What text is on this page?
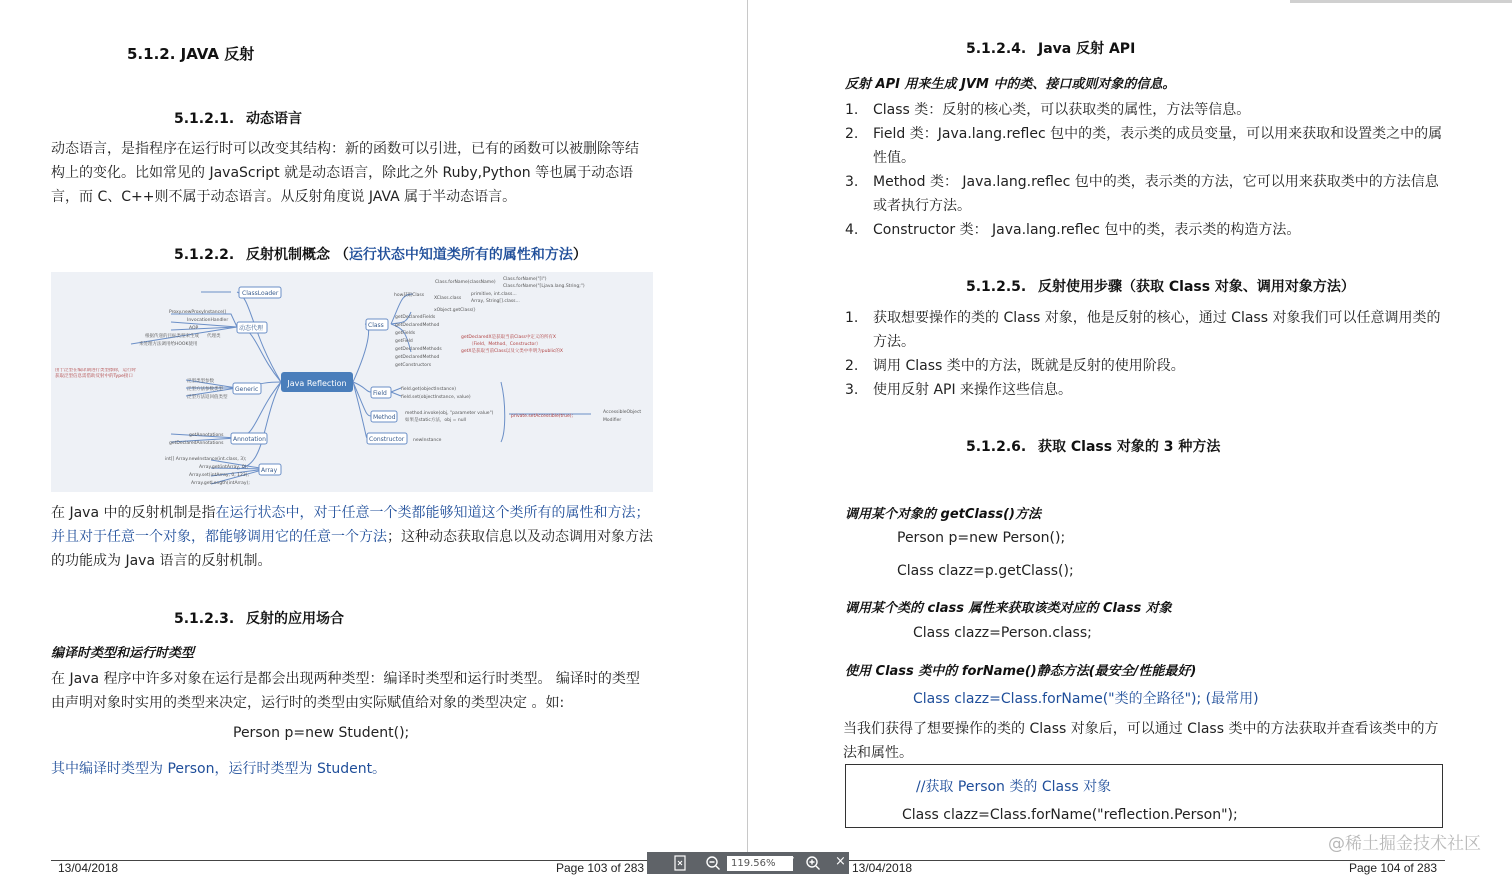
5.1.2. JAVA 反射
5.1.2.1. 动态语言
动态语言，是指程序在运行时可以改变其结构：新的函数可以引进，已有的函数可以被删除等结构上的变化。比如常见的 JavaScript 就是动态语言，除此之外 Ruby,Python 等也属于动态语言，而 C、C++则不属于动态语言。从反射角度说 JAVA 属于半动态语言。
5.1.2.2. 反射机制概念 （运行状态中知道类所有的属性和方法）
Java Reflection
ClassLoader
动态代理
Generic
Annotation
Array
Class
Field
Method
Constructor
Class.forName(className)
Class.forName("[I")
Class.forName("[Ljava.lang.String;")
how获取Class
XClass.class
primitive, int.class...
Array, String[].class...
xObject.getClass()
getDeclaredFields
getDeclaredMethod
getFields
getField
getDeclaredMethods
getDeclaredMethod
getConstructors
getDeclaredX是获取当前Class中定义的所有X
（Field、Method、Constructor）
getX是获取当前Class以及父类中申明为public的X
Proxy.newProxyInstance()
InvocationHandler
AOP
根据传递的目标类型来生成 代理类
来处理方法调用给HOOK使用
field.get(objectInstance)
field.set(objectInstance, value)
method.invoke(obj, "parameter value")
如果是static方法，obj = null
private.setAccessible(true);
AccessibleObject
Modifier
newInstance
getAnnotations
getDeclaredAnnotations
int[] Array.newInstance(int.class, 3);
Array.get(intArray, 0);
Array.set(intArray, 0, 123);
Array.getLength(intArray);
泛型类型参数
泛型方法参数类型
泛型方法返回值类型
由于泛型在编译期进行类型擦除，运行时获取泛型信息需借助反射中的Type接口
在 Java 中的反射机制是指在运行状态中，对于任意一个类都能够知道这个类所有的属性和方法；并且对于任意一个对象，都能够调用它的任意一个方法；这种动态获取信息以及动态调用对象方法的功能成为 Java 语言的反射机制。
5.1.2.3. 反射的应用场合
编译时类型和运行时类型
在 Java 程序中许多对象在运行是都会出现两种类型：编译时类型和运行时类型。 编译时的类型由声明对象时实用的类型来决定，运行时的类型由实际赋值给对象的类型决定 。如:
Person p=new Student();
其中编译时类型为 Person，运行时类型为 Student。
13/04/2018	Page 103 of 283
5.1.2.4. Java 反射 API
反射 API 用来生成 JVM 中的类、接口或则对象的信息。
1. Class 类：反射的核心类，可以获取类的属性，方法等信息。
2. Field 类：Java.lang.reflec 包中的类，表示类的成员变量，可以用来获取和设置类之中的属性值。
3. Method 类： Java.lang.reflec 包中的类，表示类的方法，它可以用来获取类中的方法信息或者执行方法。
4. Constructor 类： Java.lang.reflec 包中的类，表示类的构造方法。
5.1.2.5. 反射使用步骤（获取 Class 对象、调用对象方法）
1. 获取想要操作的类的 Class 对象，他是反射的核心，通过 Class 对象我们可以任意调用类的方法。
2. 调用 Class 类中的方法，既就是反射的使用阶段。
3. 使用反射 API 来操作这些信息。
5.1.2.6. 获取 Class 对象的 3 种方法
调用某个对象的 getClass()方法
Person p=new Person();
Class clazz=p.getClass();
调用某个类的 class 属性来获取该类对应的 Class 对象
Class clazz=Person.class;
使用 Class 类中的 forName()静态方法(最安全/性能最好)
Class clazz=Class.forName("类的全路径"); (最常用)
当我们获得了想要操作的类的 Class 对象后，可以通过 Class 类中的方法获取并查看该类中的方法和属性。
//获取 Person 类的 Class 对象
Class clazz=Class.forName("reflection.Person");
13/04/2018	Page 104 of 283
@稀土掘金技术社区
119.56%	▼	×
